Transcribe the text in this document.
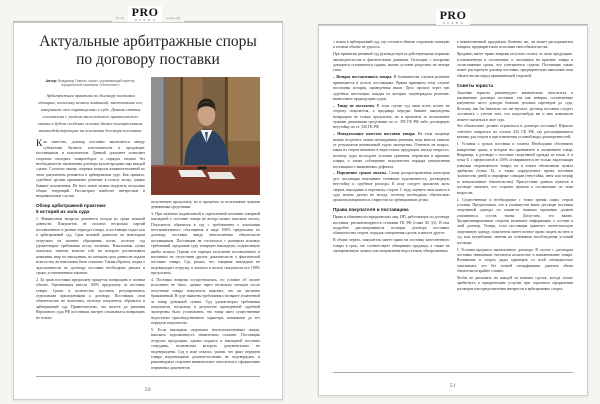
№ 19 PRO
ПРАВО	напро.рф	PRO
ПРАВО
Актуальные арбитражные споры
по договору поставки
Автор: Владимир Павлик, юрист, управляющий партнер юридической компании «Интеллект»
Арбитражная практика по договору поставки обширна, поскольку немало компаний, заключавших его, завершает свое партнерство в суде. Данная статья составлена с учетом многолетнего практического опыта и будет особенно полезна бизнес-контрагентам, взаимодействующим на основании договора поставки.

Как известно, договор поставки заключается между субъектами бизнеса: изготовителем и продавцом, поставщиком и покупателем. Данный документ позволяет сторонам наладить товарооборот и порядок оплаты без необходимости заключения договора купли-продажи при каждой сделке. Согласно закону, спорные вопросы взаимоотношений по этим документам решаются в арбитражном суде. Как правило, судебные органы принимают решение в пользу истца, однако бывают исключения. Из всех исков можно выделить несколько общих тенденций. Рассмотрим наиболее интересные и нетривиальные случаи.

Обзор арбитражной практики:
5 историй из зала суда

1. Финансовые вопросы решаются исходя из срока исковой давности. Покупатель не оплатил несколько партий поставленного в разные периоды товара, и поставщик подал иск в арбитражный суд. Срок исковой давности по некоторым отгрузкам на момент обращения истек, поэтому суд удовлетворил требования истца частично. Взысканная сумма оказалась заметно меньше той, на которую рассчитывала компания, ведь по накладным, по которым срок давности подачи иска истек, во взыскании было отказано. Таким образом, споры о задолженности по договору поставки необходимо решать в сроки, установленные законом.

2. За срыв поставки предоплату придется возвращать в полном объеме. Организация внесла 100% предоплату за поставку товара. Сроки и количество поставок регулировались отдельными приложениями к договору. Поставщик свои обязательства не выполнил, поэтому покупатель обратился в арбитражный суд. Примечательно, что вплоть до решения Верховного суда РФ поставщик наотрез отказывался возвращать не только

полученную предоплату, но и проценты за пользование чужими денежными средствами.

3. При наличии подписанной и скрепленной печатями товарной накладной о поставке товара не всегда можно взыскать оплату. Покупатель обратился в суд с требованием о взыскании неосновательного обогащения в виде 100% предоплаты по договору поставки ввиду неисполнения обязательств поставщиком. Поставщик не согласился с размером исковых требований, предъявив суду товарную накладную, подписанную якобы истцом. Однако тот отрицал получение поставленного и настаивал на отсутствии других доказательств о фактической поставке товара. Суд решил, что товарная накладная не подтверждает отгрузку, и взыскал в пользу покупателя все 100% предоплаты.

4. Поставка вовремя осуществлялась, но условие об оплате исполнено не было, однако через несколько месяцев после получения товара покупатель выяснил, что он частично бракованный. В суде заявлены требования о возврате уплаченной за товар денежной суммы. Суд удовлетворил требования покупателя, поскольку в результате проведенной судебной экспертизы было установлено, что товар имел существенные недостатки производственного характера, возникшие до его передачи покупателю.

5. Если накладная подписана неуполномоченным лицом, взыскать задолженность значительно сложнее. Поставщик отгрузил продукцию, однако подпись в накладной поставил сотрудник, полномочия которого документально не подтверждены. Суд в иске отказал, указав, что факт передачи товара надлежащими доказательствами не подтвержден, и рекомендовал сторонам внимательнее относиться к оформлению первичных документов.

50

с иском в арбитражный суд, где отстоять обеими сторонами позицию в полном объеме не удалось.

При принятии решений суд руководствуется действующими нормами законодательства и фактическими данными. Ситуации, с которыми доводится сталкиваться судьям, можно условно разделить на четыре типа:

– Возврат поставленного товара. В большинстве случаев решение принимается в пользу поставщика. Ярким примером тому служит последняя история, приведенная выше. Дело прошло через три судебных инстанции, каждая из которых подтверждала решение, вынесенное предыдущим судом.

– Товар не поставлен. В этом случае суд чаще всего встает на сторону покупателя, а продавцы нередко бывают вынуждены возвращать не только предоплату, но и проценты за пользование чужими денежными средствами по ст. 395 ГК РФ либо договорную неустойку по ст. 330 ГК РФ.

– Ненадлежащее качество поставки товара. На этом поприще можно встретить самые неожиданные решения, ведь многое зависит от результатов назначаемой судом экспертизы. Ответить на вопрос, какая из сторон виновата в недостатках продукции, иногда непросто, поэтому суды исследуют условия хранения, перевозки и приемки товара, а также соблюдение покупателем порядка уведомления поставщика о выявленных дефектах.

– Нарушение сроков оплаты. Самая распространенная категория дел: поставщик взыскивает основную задолженность, договорную неустойку и судебные расходы. К иску следует прилагать акты сверки, накладные и переписку сторон. С ходу оценить свои шансы в суде можно далеко не всегда, поэтому необходимо обязательно проконсультироваться с юристом по арбитражным делам.

Права покупателя и поставщика

Права и обязанности юридических лиц, ИП, работающих по договору поставки, регламентируются статьями ГК РФ (глава 30, §3). В них подробно рассматриваются позиции договора поставки, обязательства сторон, порядок совершения сделок и многое другое.

В общих чертах, покупатель имеет право на поставку качественного товара в срок, что соответствует обещаниям продавца, а также на своевременную замену или исправление недостатков, обнаруженных

в некачественной продукции. Конечно же, он может распоряжаться товаром, предварительно исполнив свои обязательства.

Продавец имеет право вовремя получать оплату за свою продукцию, установленную в соглашении, и настаивать на приемке товара в согласованные сроки, что учитывается судами. Поставщик также может расторгнуть договор поставки, предварительно выполнив свои обязательства перед принимающей стороной.

Советы юриста

Опытные юристы рекомендуют внимательно относиться к заключению договора поставки, так как неверно составленные документы часто доводят бывших деловых партнеров до суда. Поэтому, как бы банально это ни звучало, договор поставки следует составлять с учетом того, что когда-нибудь вы и ваш компаньон можете оказаться в зале суда.

Что обязательно должно отражаться в договоре поставки? Юристы советуют опираться на статью 432 ГК РФ, где рассматриваются важные для сторон и при изменении условий виды договоренностей:

1. Условия о сроках поставки и оплаты. Необходимо обозначить конкретные сроки, в которые вы принимаете и оплачиваете товар. Например, в договоре о поставке спортивной одежды из точки А в точку Б с предоплатой в 100% оговариваются не только надлежащая упаковка отправляемого товара, но и точное обозначение пункта прибытия (точка Б), а также определенное время поставки (количество дней) и штрафные санкции (неустойка, пеня или штраф за невыполнение обязательства). Присутствие данных пунктов в договоре означает, что стороны пришли к соглашению по этим вопросам.

2. Существенные и необходимые с точки зрения самих сторон условия. Предположим, что в упомянутом выше договоре поставки спортивной одежды по каким-то важным причинам должен упоминаться состав ткани. Допустим, это важно. Дисциплинированные стороны включают информацию о составе в свой договор. Теперь, если поставщик привезет синтетическую спортивную одежду, покупатель имеет полное право подать на него в суд или потребовать замены на основании несоблюдения условий договора.

3. Условия предмета заключенного договора. В случае с договором поставки значимыми считаются количество и наименование товара. Возникшие в спорах ряды примеров со всей очевидностью показывают, что без точной спецификации доказать объем обязательств крайне сложно.

Чтобы не рисковать на каждой из важных сделок, всегда лучше прибегнуть к юридическим услугам при серьезном оформлении договоров или представлении интересов в арбитражных спорах.

51
